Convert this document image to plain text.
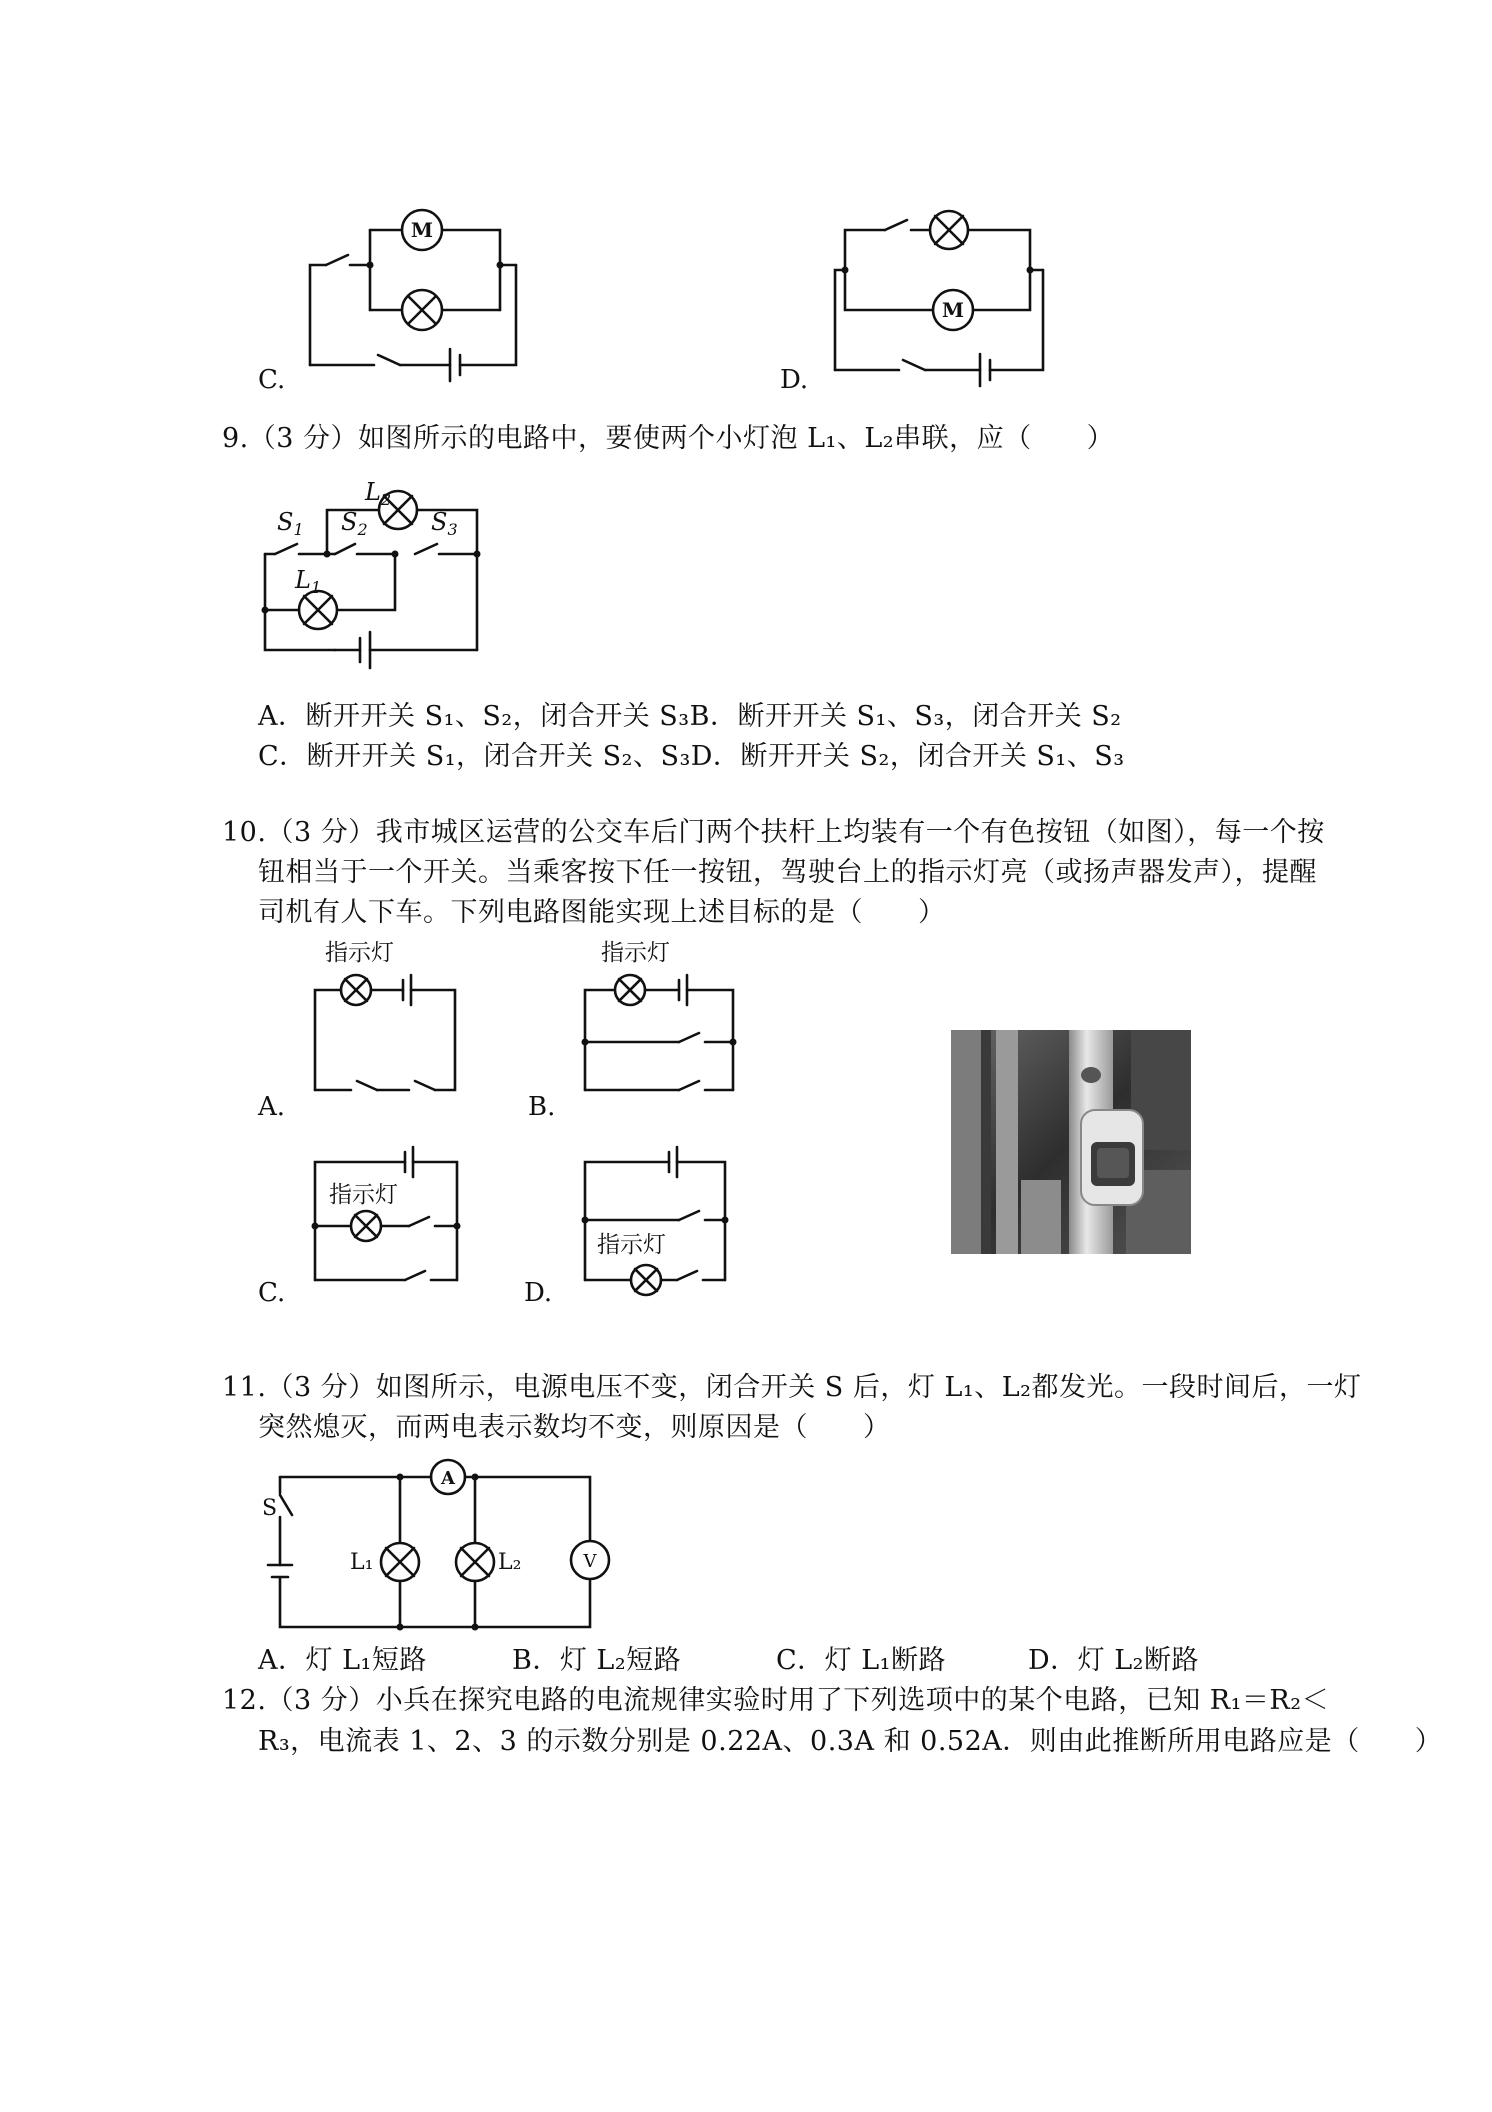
M
C.
M
D.
9.（3 分）如图所示的电路中，要使两个小灯泡 L₁、L₂串联，应（　　）
$L_2$
$S_1$ $S_2$	$S_3$
$L_1$
A．断开开关 S₁、S₂，闭合开关 S₃B．断开开关 S₁、S₃，闭合开关 S₂
C．断开开关 S₁，闭合开关 S₂、S₃D．断开开关 S₂，闭合开关 S₁、S₃
10.（3 分）我市城区运营的公交车后门两个扶杆上均装有一个有色按钮（如图），每一个按
钮相当于一个开关。当乘客按下任一按钮，驾驶台上的指示灯亮（或扬声器发声），提醒
司机有人下车。下列电路图能实现上述目标的是（　　）
指示灯
A.
指示灯
B.
指示灯
C.
指示灯
D.
11.（3 分）如图所示，电源电压不变，闭合开关 S 后，灯 L₁、L₂都发光。一段时间后，一灯
突然熄灭，而两电表示数均不变，则原因是（　　）
S
A
V
L₁	L₂
A．灯 L₁短路	B．灯 L₂短路	C．灯 L₁断路	D．灯 L₂断路
12.（3 分）小兵在探究电路的电流规律实验时用了下列选项中的某个电路，已知 R₁＝R₂＜
R₃，电流表 1、2、3 的示数分别是 0.22A、0.3A 和 0.52A．则由此推断所用电路应是（　　）
